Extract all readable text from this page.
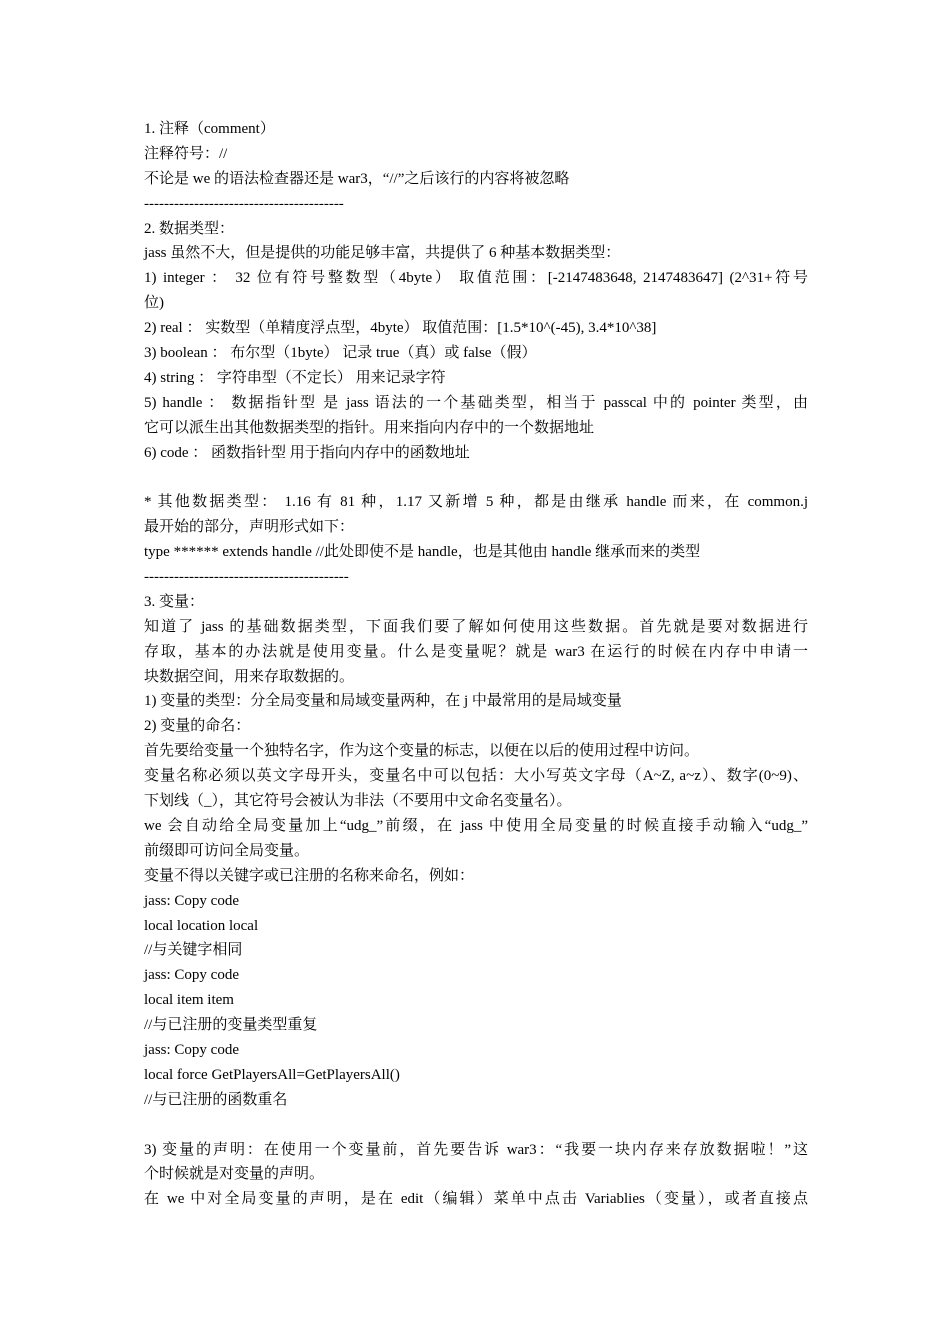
1. 注释（comment）
注释符号：//
不论是 we 的语法检查器还是 war3，“//”之后该行的内容将被忽略
----------------------------------------
2. 数据类型：
jass 虽然不大，但是提供的功能足够丰富，共提供了 6 种基本数据类型：
1) integer ： 32 位有符号整数型（4byte） 取值范围：[-2147483648, 2147483647] (2^31+符号
位)
2) real ： 实数型（单精度浮点型，4byte） 取值范围：[1.5*10^(-45), 3.4*10^38]
3) boolean ： 布尔型（1byte） 记录 true（真）或 false（假）
4) string ： 字符串型（不定长） 用来记录字符
5) handle ： 数据指针型 是 jass 语法的一个基础类型，相当于 passcal 中的 pointer 类型，由
它可以派生出其他数据类型的指针。用来指向内存中的一个数据地址
6) code ： 函数指针型 用于指向内存中的函数地址
* 其他数据类型： 1.16 有 81 种，1.17 又新增 5 种，都是由继承 handle 而来，在 common.j
最开始的部分，声明形式如下：
type ****** extends handle //此处即使不是 handle，也是其他由 handle 继承而来的类型
-----------------------------------------
3. 变量：
知道了 jass 的基础数据类型，下面我们要了解如何使用这些数据。首先就是要对数据进行
存取，基本的办法就是使用变量。什么是变量呢？就是 war3 在运行的时候在内存中申请一
块数据空间，用来存取数据的。
1) 变量的类型：分全局变量和局域变量两种，在 j 中最常用的是局域变量
2) 变量的命名：
首先要给变量一个独特名字，作为这个变量的标志，以便在以后的使用过程中访问。
变量名称必须以英文字母开头，变量名中可以包括：大小写英文字母（A~Z, a~z）、数字(0~9)、
下划线（_），其它符号会被认为非法（不要用中文命名变量名）。
we 会自动给全局变量加上“udg_”前缀，在 jass 中使用全局变量的时候直接手动输入“udg_”
前缀即可访问全局变量。
变量不得以关键字或已注册的名称来命名，例如：
jass: Copy code
local location local
//与关键字相同
jass: Copy code
local item item
//与已注册的变量类型重复
jass: Copy code
local force GetPlayersAll=GetPlayersAll()
//与已注册的函数重名
3) 变量的声明：在使用一个变量前，首先要告诉 war3：“我要一块内存来存放数据啦！”这
个时候就是对变量的声明。
在 we 中对全局变量的声明，是在 edit（编辑）菜单中点击 Variablies（变量），或者直接点
